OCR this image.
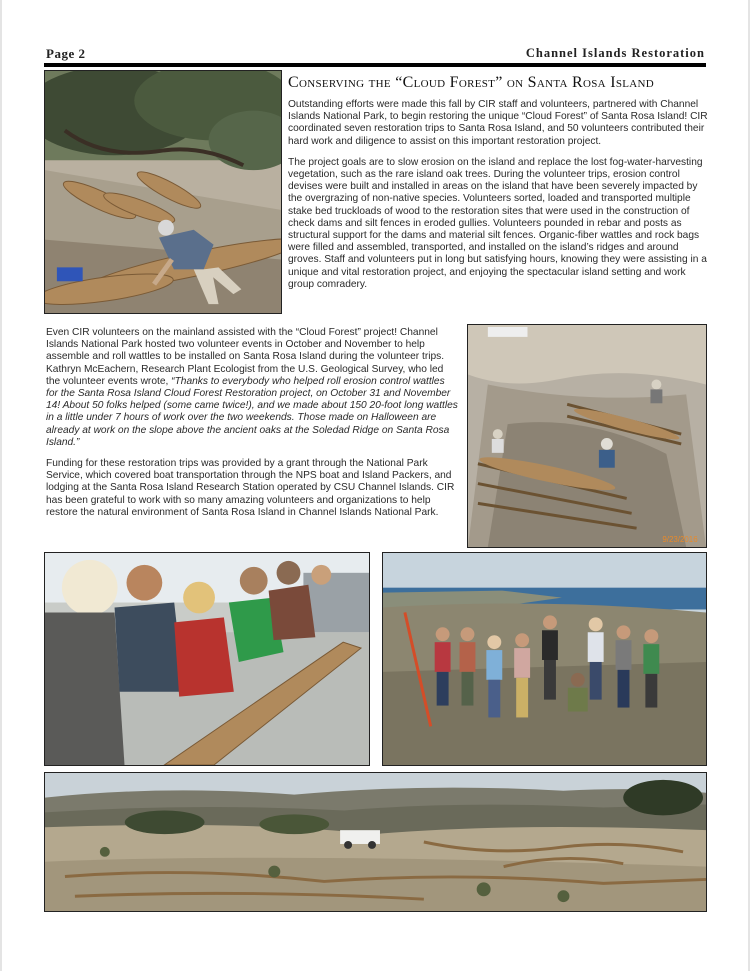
Page 2	Channel Islands Restoration
9/23/2016
Conserving the “Cloud Forest” on Santa Rosa Island

Outstanding efforts were made this fall by CIR staff and volunteers, partnered with Channel Islands National Park, to begin restoring the unique “Cloud Forest” of Santa Rosa Island! CIR coordinated seven restoration trips to Santa Rosa Island, and 50 volunteers contributed their hard work and diligence to assist on this important restoration project.

The project goals are to slow erosion on the island and replace the lost fog-water-harvesting vegetation, such as the rare island oak trees. During the volunteer trips, erosion control devises were built and installed in areas on the island that have been severely impacted by the overgrazing of non-native species. Volunteers sorted, loaded and transported multiple stake bed truckloads of wood to the restoration sites that were used in the construction of check dams and silt fences in eroded gullies. Volunteers pounded in rebar and posts as structural support for the dams and material silt fences. Organic-fiber wattles and rock bags were filled and assembled, transported, and installed on the island’s ridges and around groves. Staff and volunteers put in long but satisfying hours, knowing they were assisting in a unique and vital restoration project, and enjoying the spectacular island setting and work group comradery.

Even CIR volunteers on the mainland assisted with the “Cloud Forest” project! Channel Islands National Park hosted two volunteer events in October and November to help assemble and roll wattles to be installed on Santa Rosa Island during the volunteer trips. Kathryn McEachern, Research Plant Ecologist from the U.S. Geological Survey, who led the volunteer events wrote, “Thanks to everybody who helped roll erosion control wattles for the Santa Rosa Island Cloud Forest Restoration project, on October 31 and November 14! About 50 folks helped (some came twice!), and we made about 150 20-foot long wattles in a little under 7 hours of work over the two weekends. Those made on Halloween are already at work on the slope above the ancient oaks at the Soledad Ridge on Santa Rosa Island.”

Funding for these restoration trips was provided by a grant through the National Park Service, which covered boat transportation through the NPS boat and Island Packers, and lodging at the Santa Rosa Island Research Station operated by CSU Channel Islands. CIR has been grateful to work with so many amazing volunteers and organizations to help restore the natural environment of Santa Rosa Island in Channel Islands National Park.
